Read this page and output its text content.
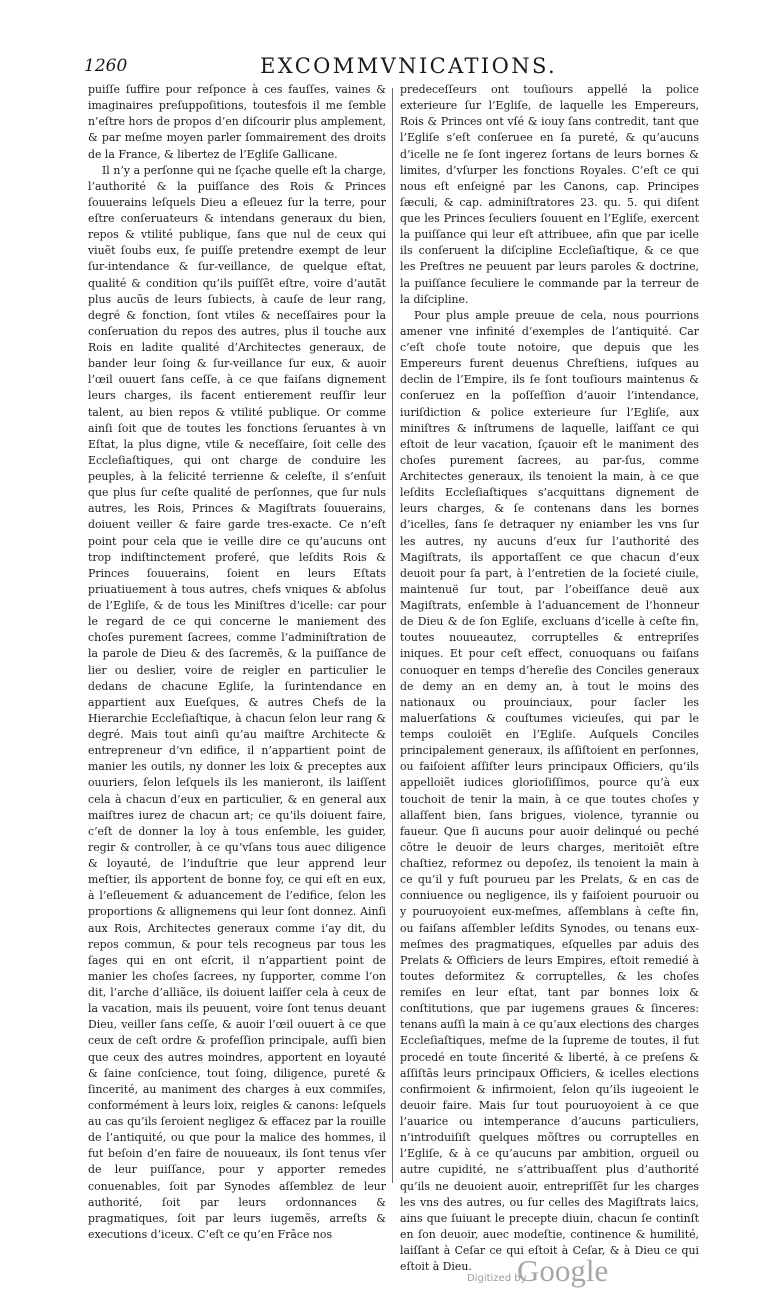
1260	EXCOMMVNICATIONS.

puiſſe ſuffire pour reſponce à ces fauſſes, vaines & imaginaires preſuppoſitions, toutesfois il me ſemble n’eſtre hors de propos d’en diſcourir plus amplement, & par meſme moyen parler ſommairement des droits de la France, & libertez de l’Egliſe Gallicane.

Il n’y a perſonne qui ne ſçache quelle eſt la charge, l’authorité & la puiſſance des Rois & Princes ſouuerains leſquels Dieu a eſleuez ſur la terre, pour eſtre conſeruateurs & intendans generaux du bien, repos & vtilité publique, ſans que nul de ceux qui viuẽt ſoubs eux, ſe puiſſe pretendre exempt de leur ſur-intendance & ſur-veillance, de quelque eſtat, qualité & condition qu’ils puiſſẽt eſtre, voire d’autãt plus aucũs de leurs ſubiects, à cauſe de leur rang, degré & fonction, ſont vtiles & neceſſaires pour la conſeruation du repos des autres, plus il touche aux Rois en ladite qualité d’Architectes generaux, de bander leur ſoing & ſur-veillance ſur eux, & auoir l’œil ouuert ſans ceſſe, à ce que faiſans dignement leurs charges, ils facent entierement reuſſir leur talent, au bien repos & vtilité publique. Or comme ainſi ſoit que de toutes les fonctions ſeruantes à vn Eſtat, la plus digne, vtile & neceſſaire, ſoit celle des Eccleſiaſtiques, qui ont charge de conduire les peuples, à la felicité terrienne & celeſte, il s’enſuit que plus ſur ceſte qualité de perſonnes, que ſur nuls autres, les Rois, Princes & Magiſtrats ſouuerains, doiuent veiller & faire garde tres-exacte. Ce n’eſt point pour cela que ie veille dire ce qu’aucuns ont trop indiſtinctement proferé, que leſdits Rois & Princes ſouuerains, ſoient en leurs Eſtats priuatiuement à tous autres, chefs vniques & abſolus de l’Egliſe, & de tous les Miniſtres d’icelle: car pour le regard de ce qui concerne le maniement des choſes purement ſacrees, comme l’adminiſtration de la parole de Dieu & des ſacremẽs, & la puiſſance de lier ou deslier, voire de reigler en particulier le dedans de chacune Egliſe, la ſurintendance en appartient aux Eueſques, & autres Chefs de la Hierarchie Eccleſiaſtique, à chacun ſelon leur rang & degré. Mais tout ainſi qu’au maiſtre Architecte & entrepreneur d’vn edifice, il n’appartient point de manier les outils, ny donner les loix & preceptes aux ouuriers, ſelon leſquels ils les manieront, ils laiſſent cela à chacun d’eux en particulier, & en general aux maiſtres iurez de chacun art; ce qu’ils doiuent faire, c’eſt de donner la loy à tous enſemble, les guider, regir & controller, à ce qu’vſans tous auec diligence & loyauté, de l’induſtrie que leur apprend leur meſtier, ils apportent de bonne foy, ce qui eſt en eux, à l’eſleuement & aduancement de l’edifice, ſelon les proportions & allignemens qui leur ſont donnez. Ainſi aux Rois, Architectes generaux comme i’ay dit, du repos commun, & pour tels recogneus par tous les ſages qui en ont eſcrit, il n’appartient point de manier les choſes ſacrees, ny ſupporter, comme l’on dit, l’arche d’alliãce, ils doiuent laiſſer cela à ceux de la vacation, mais ils peuuent, voire ſont tenus deuant Dieu, veiller ſans ceſſe, & auoir l’œil ouuert à ce que ceux de ceſt ordre & profeſſion principale, auſſi bien que ceux des autres moindres, apportent en loyauté & ſaine conſcience, tout ſoing, diligence, pureté & ſincerité, au maniment des charges à eux commiſes, conformément à leurs loix, reigles & canons: leſquels au cas qu’ils ſeroient negligez & effacez par la rouille de l’antiquité, ou que pour la malice des hommes, il fut beſoin d’en faire de nouueaux, ils ſont tenus vſer de leur puiſſance, pour y apporter remedes conuenables, ſoit par Synodes aſſemblez de leur authorité, ſoit par leurs ordonnances & pragmatiques, ſoit par leurs iugemẽs, arreſts & executions d’iceux. C’eſt ce qu’en Frãce nos

predeceſſeurs ont touſiours appellé la police exterieure ſur l’Egliſe, de laquelle les Empereurs, Rois & Princes ont vſé & iouy ſans contredit, tant que l’Egliſe s’eſt conſeruee en ſa pureté, & qu’aucuns d’icelle ne ſe ſont ingerez ſortans de leurs bornes & limites, d’vſurper les fonctions Royales. C’eſt ce qui nous eſt enſeigné par les Canons, cap. Principes ſæculi, & cap. adminiſtratores 23. qu. 5. qui diſent que les Princes ſeculiers ſouuent en l’Egliſe, exercent la puiſſance qui leur eſt attribuee, afin que par icelle ils conſeruent la diſcipline Eccleſiaſtique, & ce que les Preſtres ne peuuent par leurs paroles & doctrine, la puiſſance ſeculiere le commande par la terreur de la diſcipline.

Pour plus ample preuue de cela, nous pourrions amener vne infinité d’exemples de l’antiquité. Car c’eſt choſe toute notoire, que depuis que les Empereurs furent deuenus Chreſtiens, iuſques au declin de l’Empire, ils ſe ſont touſiours maintenus & conſeruez en la poſſeſſion d’auoir l’intendance, iuriſdiction & police exterieure ſur l’Egliſe, aux miniſtres & inſtrumens de laquelle, laiſſant ce qui eſtoit de leur vacation, ſçauoir eſt le maniment des choſes purement ſacrees, au par-ſus, comme Architectes generaux, ils tenoient la main, à ce que leſdits Eccleſiaſtiques s’acquittans dignement de leurs charges, & ſe contenans dans les bornes d’icelles, ſans ſe detraquer ny eniamber les vns ſur les autres, ny aucuns d’eux ſur l’authorité des Magiſtrats, ils apportaſſent ce que chacun d’eux deuoit pour ſa part, à l’entretien de la ſocieté ciuile, maintenuë ſur tout, par l’obeiſſance deuë aux Magiſtrats, enſemble à l’aduancement de l’honneur de Dieu & de ſon Egliſe, excluans d’icelle à ceſte fin, toutes nouueautez, corruptelles & entrepriſes iniques. Et pour ceſt effect, conuoquans ou faiſans conuoquer en temps d’hereſie des Conciles generaux de demy an en demy an, à tout le moins des nationaux ou prouinciaux, pour ſacler les maluerſations & couſtumes vicieuſes, qui par le temps couloiẽt en l’Egliſe. Auſquels Conciles principalement generaux, ils aſſiſtoient en perſonnes, ou faiſoient aſſiſter leurs principaux Officiers, qu’ils appelloiẽt iudices glorioſiſſimos, pource qu’à eux touchoit de tenir la main, à ce que toutes choſes y allaſſent bien, ſans brigues, violence, tyrannie ou faueur. Que ſi aucuns pour auoir delinqué ou peché cõtre le deuoir de leurs charges, meritoiẽt eſtre chaſtiez, reformez ou depoſez, ils tenoient la main à ce qu’il y fuſt pourueu par les Prelats, & en cas de conniuence ou negligence, ils y faiſoient pouruoir ou y pouruoyoient eux-meſmes, aſſemblans à ceſte fin, ou faiſans aſſembler leſdits Synodes, ou tenans eux-meſmes des pragmatiques, eſquelles par aduis des Prelats & Officiers de leurs Empires, eſtoit remedié à toutes deformitez & corruptelles, & les choſes remiſes en leur eſtat, tant par bonnes loix & conſtitutions, que par iugemens graues & ſinceres: tenans auſſi la main à ce qu’aux elections des charges Eccleſiaſtiques, meſme de la ſupreme de toutes, il fut procedé en toute ſincerité & liberté, à ce preſens & aſſiſtãs leurs principaux Officiers, & icelles elections confirmoient & infirmoient, ſelon qu’ils iugeoient le deuoir faire. Mais ſur tout pouruoyoient à ce que l’auarice ou intemperance d’aucuns particuliers, n’introduiſiſt quelques mõſtres ou corruptelles en l’Egliſe, & à ce qu’aucuns par ambition, orgueil ou autre cupidité, ne s’attribuaſſent plus d’authorité qu’ils ne deuoient auoir, entrepriſſẽt ſur les charges les vns des autres, ou ſur celles des Magiſtrats laics, ains que ſuiuant le precepte diuin, chacun ſe continſt en ſon deuoir, auec modeſtie, continence & humilité, laiſſant à Ceſar ce qui eſtoit à Ceſar, & à Dieu ce qui eſtoit à Dieu.

Digitized by
Google
